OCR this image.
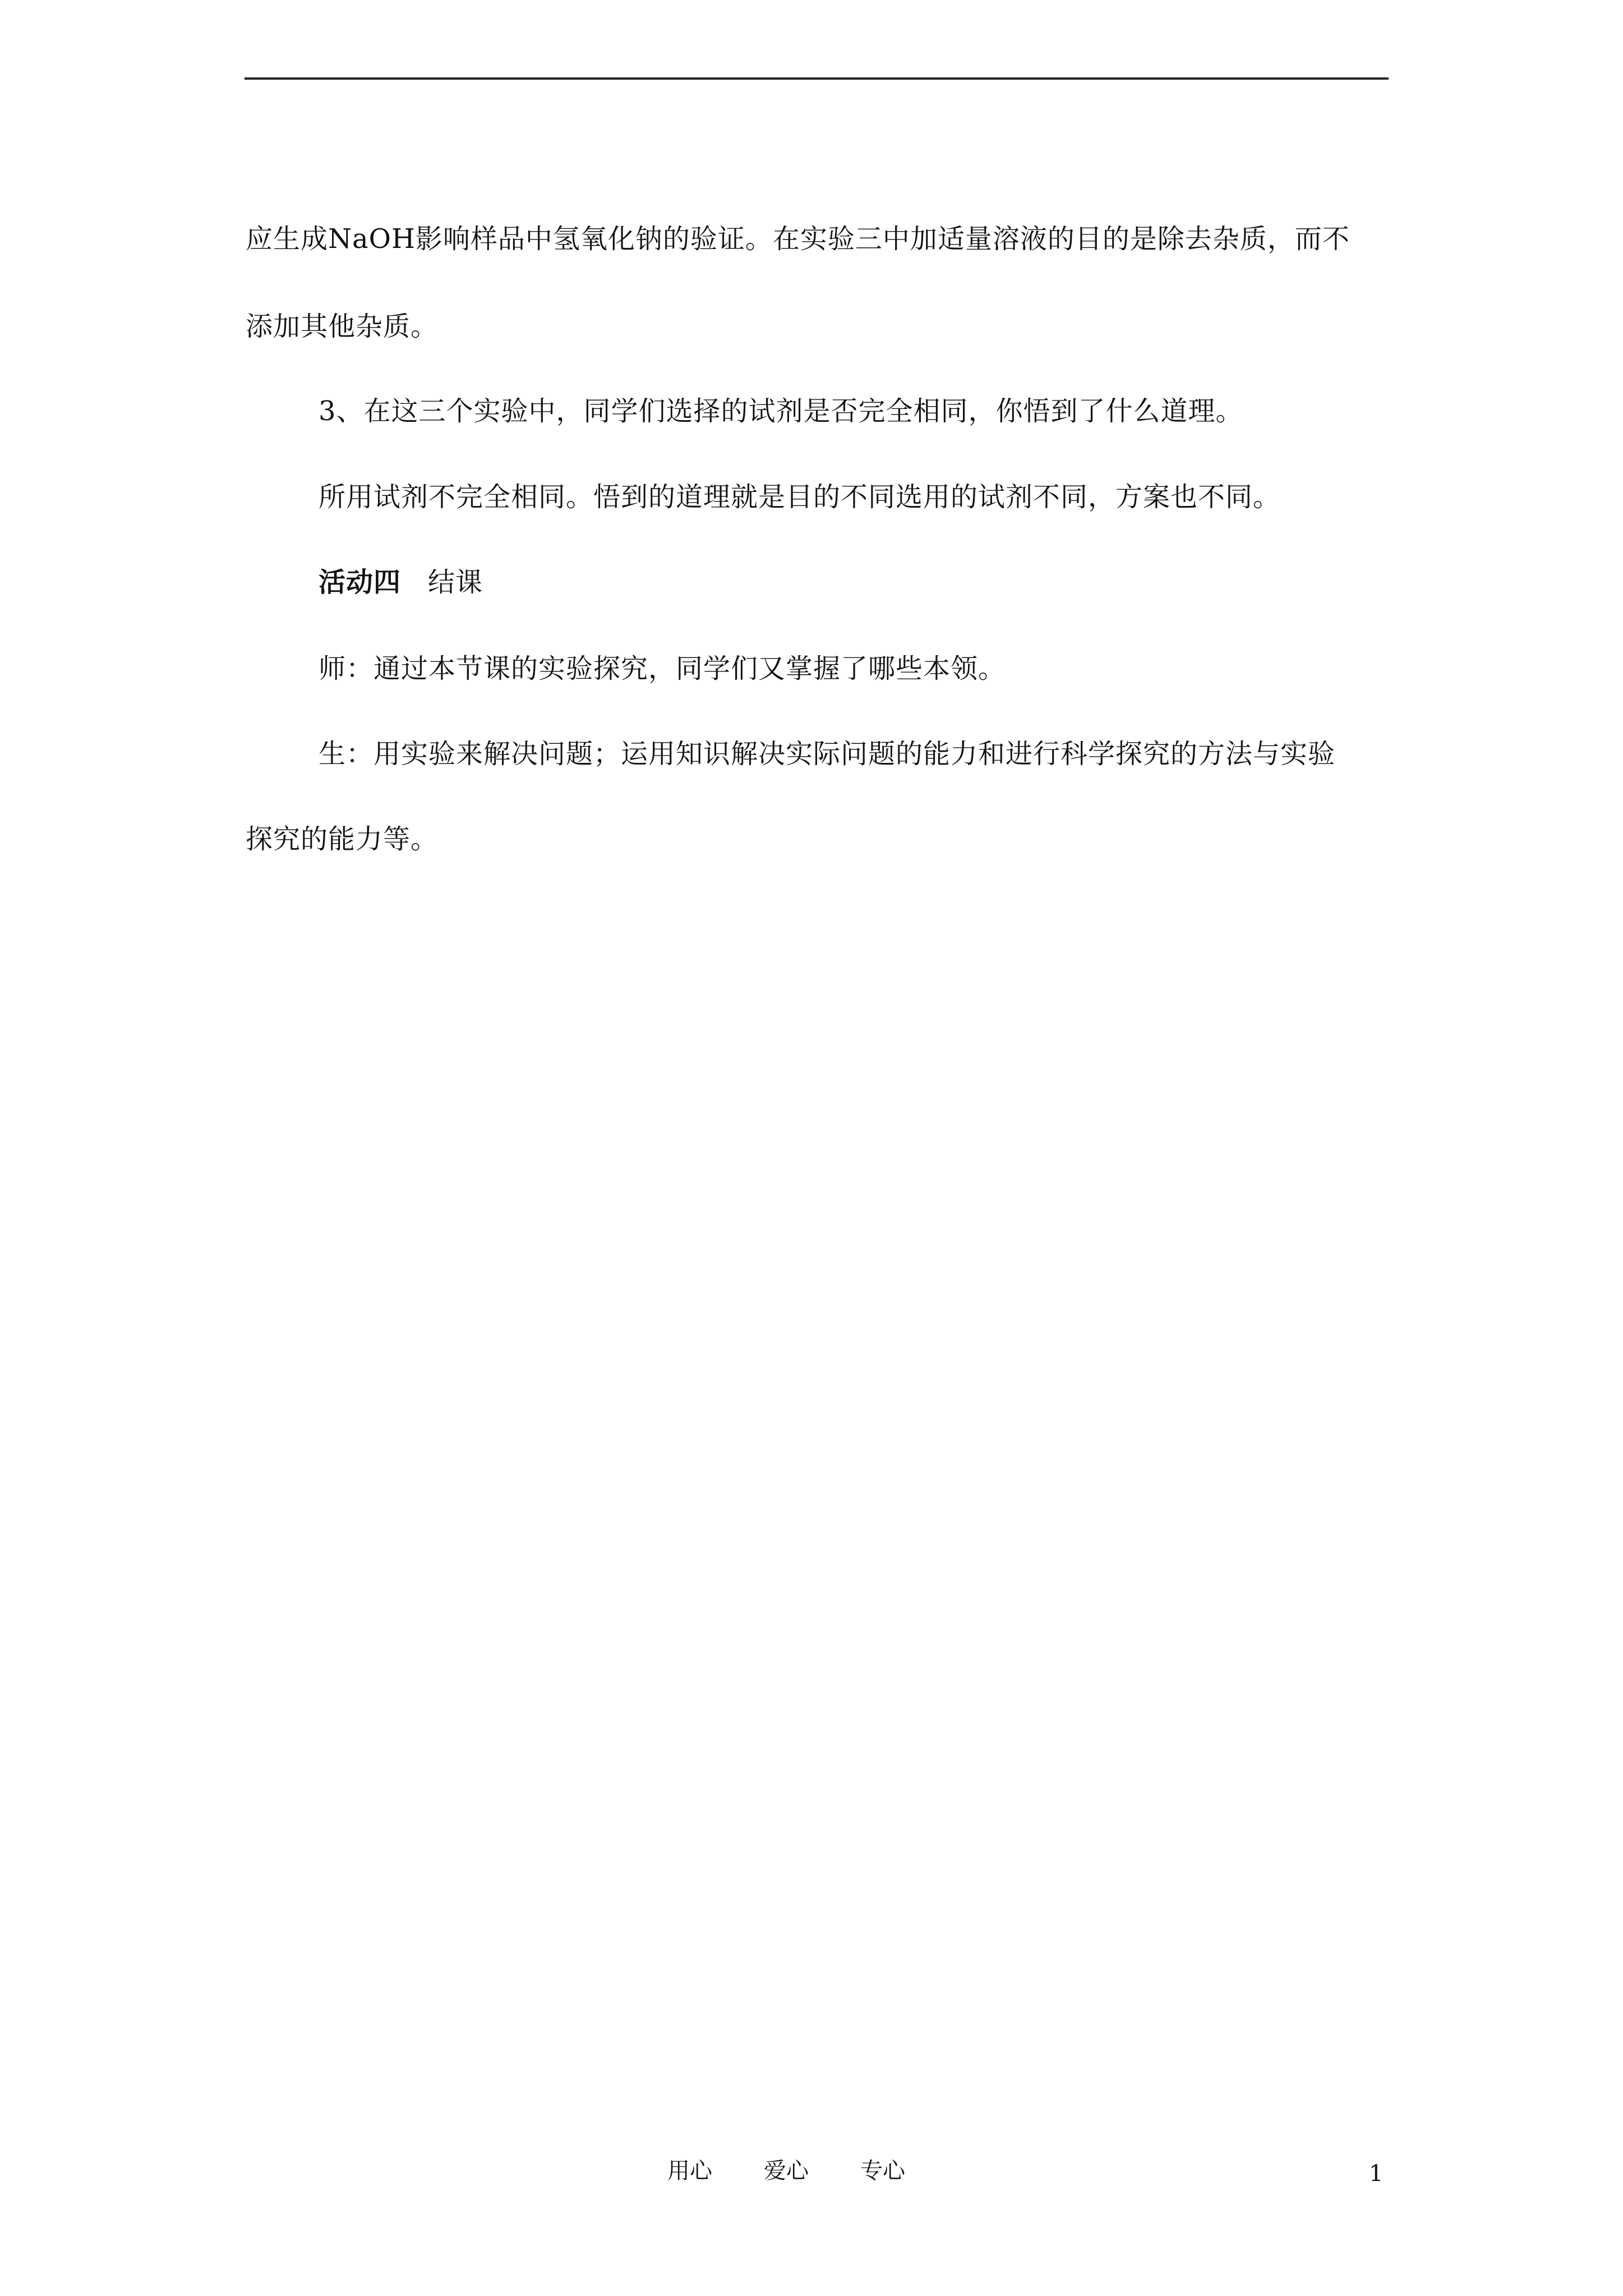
应生成NaOH影响样品中氢氧化钠的验证。在实验三中加适量溶液的目的是除去杂质，而不
添加其他杂质。
3、在这三个实验中，同学们选择的试剂是否完全相同，你悟到了什么道理。
所用试剂不完全相同。悟到的道理就是目的不同选用的试剂不同，方案也不同。
活动四 结课
师：通过本节课的实验探究，同学们又掌握了哪些本领。
生：用实验来解决问题；运用知识解决实际问题的能力和进行科学探究的方法与实验
探究的能力等。
用心 爱心 专心	1
